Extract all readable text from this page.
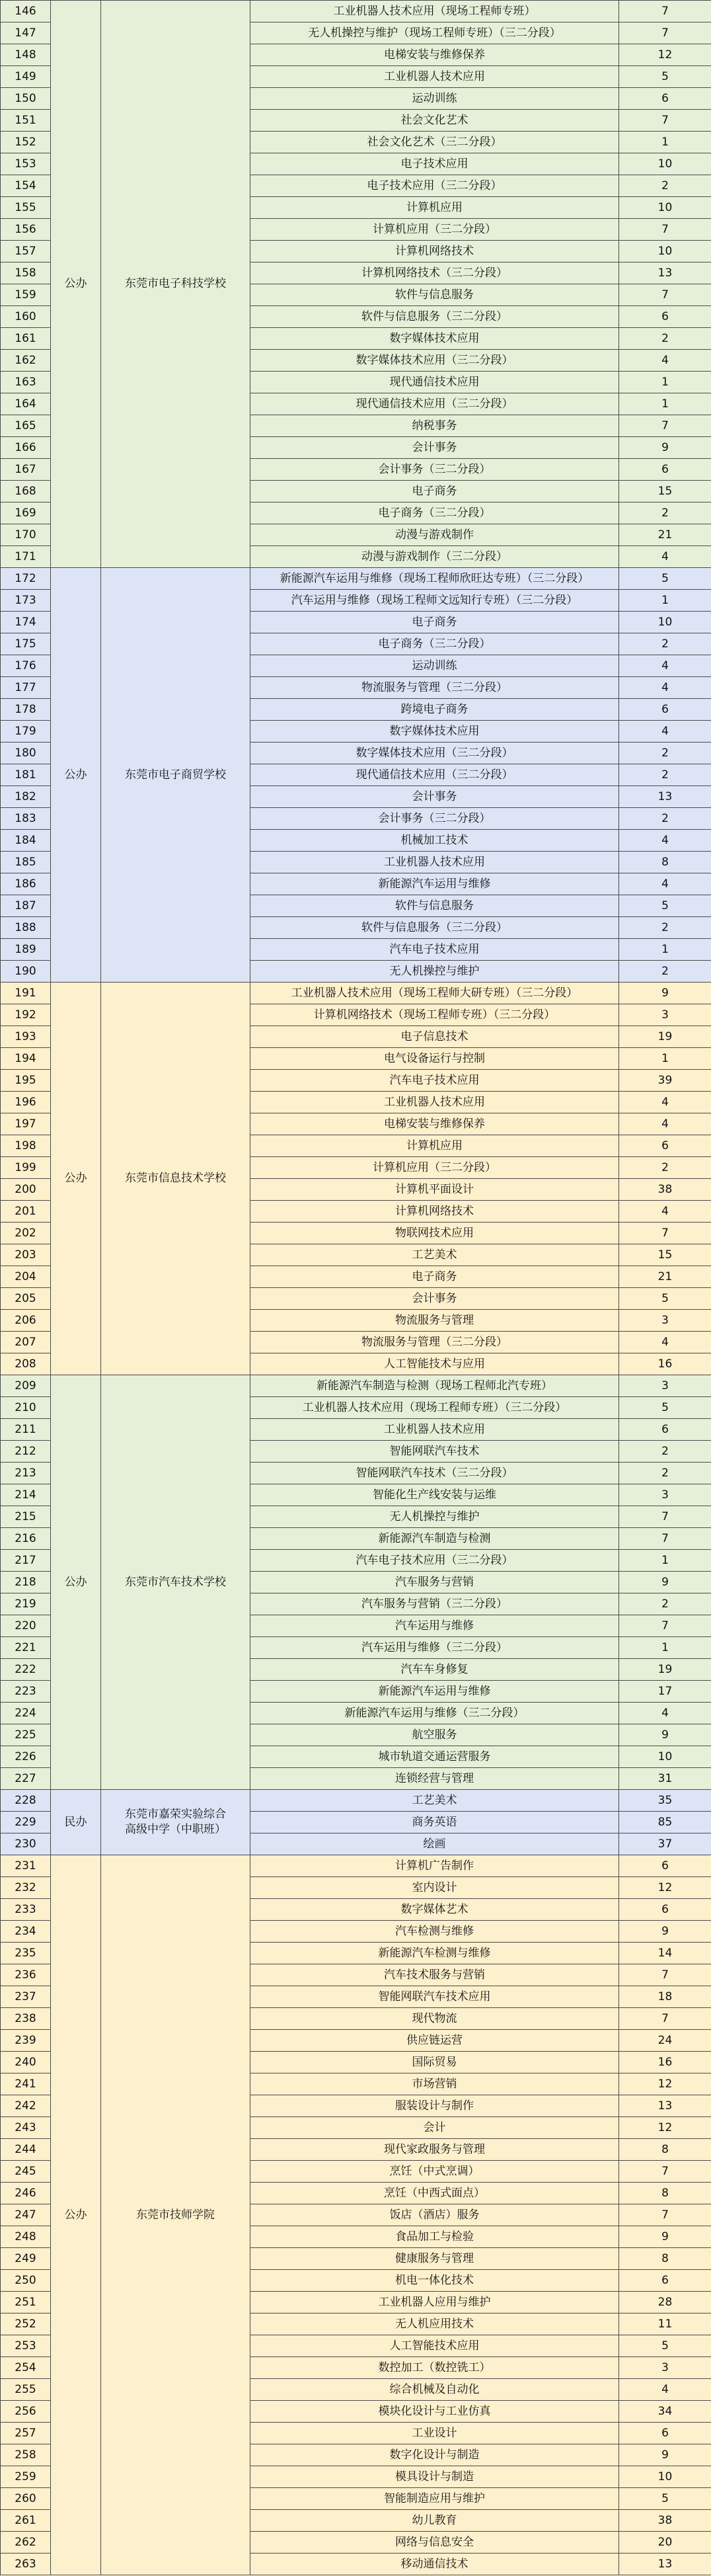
146	公办	东莞市电子科技学校	工业机器人技术应用（现场工程师专班）	7
147			无人机操控与维护（现场工程师专班）（三二分段）	7
148			电梯安装与维修保养	12
149			工业机器人技术应用	5
150			运动训练	6
151			社会文化艺术	7
152			社会文化艺术（三二分段）	1
153			电子技术应用	10
154			电子技术应用（三二分段）	2
155			计算机应用	10
156			计算机应用（三二分段）	7
157			计算机网络技术	10
158			计算机网络技术（三二分段）	13
159			软件与信息服务	7
160			软件与信息服务（三二分段）	6
161			数字媒体技术应用	2
162			数字媒体技术应用（三二分段）	4
163			现代通信技术应用	1
164			现代通信技术应用（三二分段）	1
165			纳税事务	7
166			会计事务	9
167			会计事务（三二分段）	6
168			电子商务	15
169			电子商务（三二分段）	2
170			动漫与游戏制作	21
171			动漫与游戏制作（三二分段）	4
172	公办	东莞市电子商贸学校	新能源汽车运用与维修（现场工程师欣旺达专班）（三二分段）	5
173			汽车运用与维修（现场工程师文远知行专班）（三二分段）	1
174			电子商务	10
175			电子商务（三二分段）	2
176			运动训练	4
177			物流服务与管理（三二分段）	4
178			跨境电子商务	6
179			数字媒体技术应用	4
180			数字媒体技术应用（三二分段）	2
181			现代通信技术应用（三二分段）	2
182			会计事务	13
183			会计事务（三二分段）	2
184			机械加工技术	4
185			工业机器人技术应用	8
186			新能源汽车运用与维修	4
187			软件与信息服务	5
188			软件与信息服务（三二分段）	2
189			汽车电子技术应用	1
190			无人机操控与维护	2
191	公办	东莞市信息技术学校	工业机器人技术应用（现场工程师大研专班）（三二分段）	9
192			计算机网络技术（现场工程师专班）（三二分段）	3
193			电子信息技术	19
194			电气设备运行与控制	1
195			汽车电子技术应用	39
196			工业机器人技术应用	4
197			电梯安装与维修保养	4
198			计算机应用	6
199			计算机应用（三二分段）	2
200			计算机平面设计	38
201			计算机网络技术	4
202			物联网技术应用	7
203			工艺美术	15
204			电子商务	21
205			会计事务	5
206			物流服务与管理	3
207			物流服务与管理（三二分段）	4
208			人工智能技术与应用	16
209	公办	东莞市汽车技术学校	新能源汽车制造与检测（现场工程师北汽专班）	3
210			工业机器人技术应用（现场工程师专班）（三二分段）	5
211			工业机器人技术应用	6
212			智能网联汽车技术	2
213			智能网联汽车技术（三二分段）	2
214			智能化生产线安装与运维	3
215			无人机操控与维护	7
216			新能源汽车制造与检测	7
217			汽车电子技术应用（三二分段）	1
218			汽车服务与营销	9
219			汽车服务与营销（三二分段）	2
220			汽车运用与维修	7
221			汽车运用与维修（三二分段）	1
222			汽车车身修复	19
223			新能源汽车运用与维修	17
224			新能源汽车运用与维修（三二分段）	4
225			航空服务	9
226			城市轨道交通运营服务	10
227			连锁经营与管理	31
228	民办	东莞市嘉荣实验综合高级中学（中职班）	工艺美术	35
229			商务英语	85
230			绘画	37
231	公办	东莞市技师学院	计算机广告制作	6
232			室内设计	12
233			数字媒体艺术	6
234			汽车检测与维修	9
235			新能源汽车检测与维修	14
236			汽车技术服务与营销	7
237			智能网联汽车技术应用	18
238			现代物流	7
239			供应链运营	24
240			国际贸易	16
241			市场营销	12
242			服装设计与制作	13
243			会计	12
244			现代家政服务与管理	8
245			烹饪（中式烹调）	7
246			烹饪（中西式面点）	8
247			饭店（酒店）服务	7
248			食品加工与检验	9
249			健康服务与管理	8
250			机电一体化技术	6
251			工业机器人应用与维护	28
252			无人机应用技术	11
253			人工智能技术应用	5
254			数控加工（数控铣工）	3
255			综合机械及自动化	4
256			模块化设计与工业仿真	34
257			工业设计	6
258			数字化设计与制造	9
259			模具设计与制造	10
260			智能制造应用与维护	5
261			幼儿教育	38
262			网络与信息安全	20
263			移动通信技术	13
